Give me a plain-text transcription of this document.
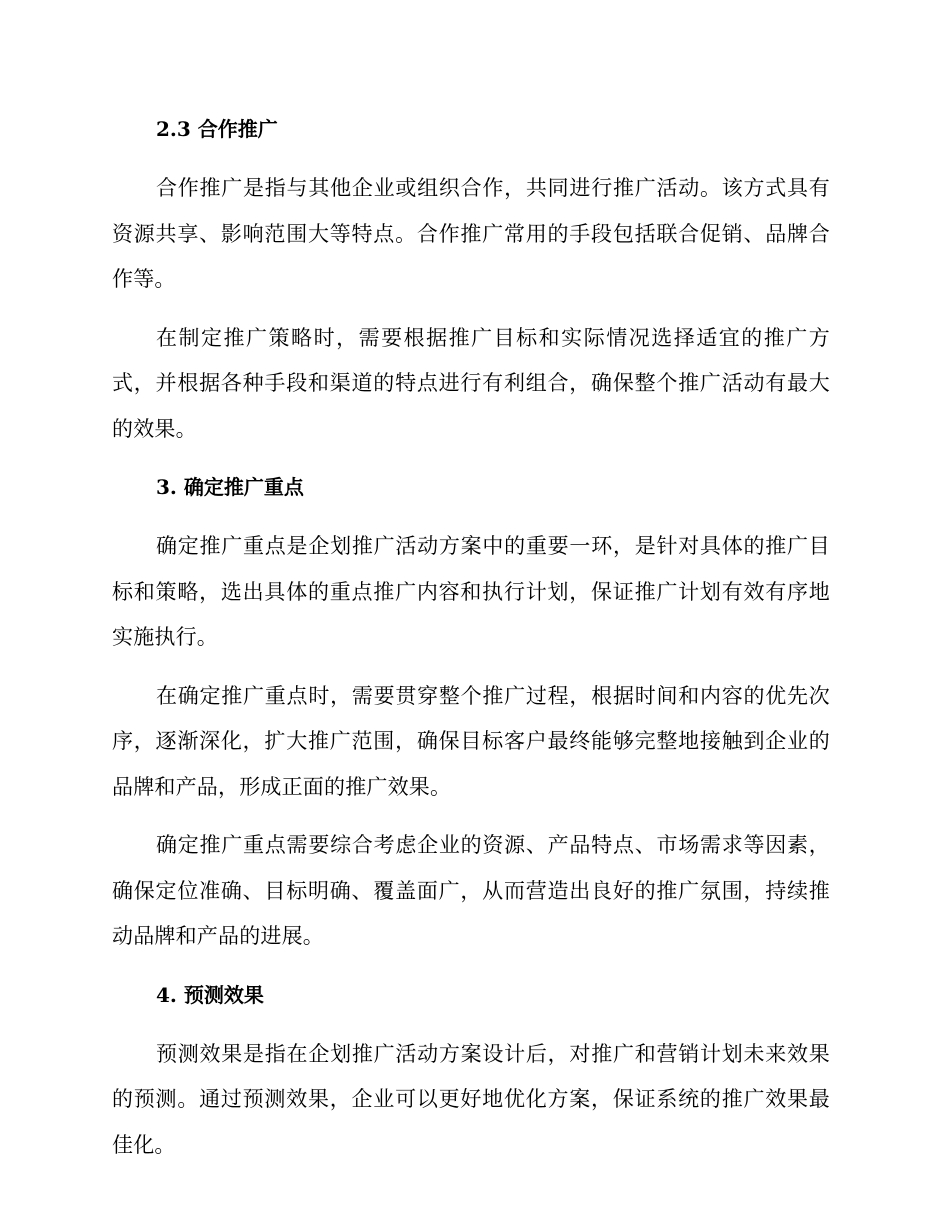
2.3 合作推广

合作推广是指与其他企业或组织合作，共同进行推广活动。该方式具有资源共享、影响范围大等特点。合作推广常用的手段包括联合促销、品牌合作等。

在制定推广策略时，需要根据推广目标和实际情况选择适宜的推广方式，并根据各种手段和渠道的特点进行有利组合，确保整个推广活动有最大的效果。

3. 确定推广重点

确定推广重点是企划推广活动方案中的重要一环，是针对具体的推广目标和策略，选出具体的重点推广内容和执行计划，保证推广计划有效有序地实施执行。

在确定推广重点时，需要贯穿整个推广过程，根据时间和内容的优先次序，逐渐深化，扩大推广范围，确保目标客户最终能够完整地接触到企业的品牌和产品，形成正面的推广效果。

确定推广重点需要综合考虑企业的资源、产品特点、市场需求等因素，确保定位准确、目标明确、覆盖面广，从而营造出良好的推广氛围，持续推动品牌和产品的进展。

4. 预测效果

预测效果是指在企划推广活动方案设计后，对推广和营销计划未来效果的预测。通过预测效果，企业可以更好地优化方案，保证系统的推广效果最佳化。
